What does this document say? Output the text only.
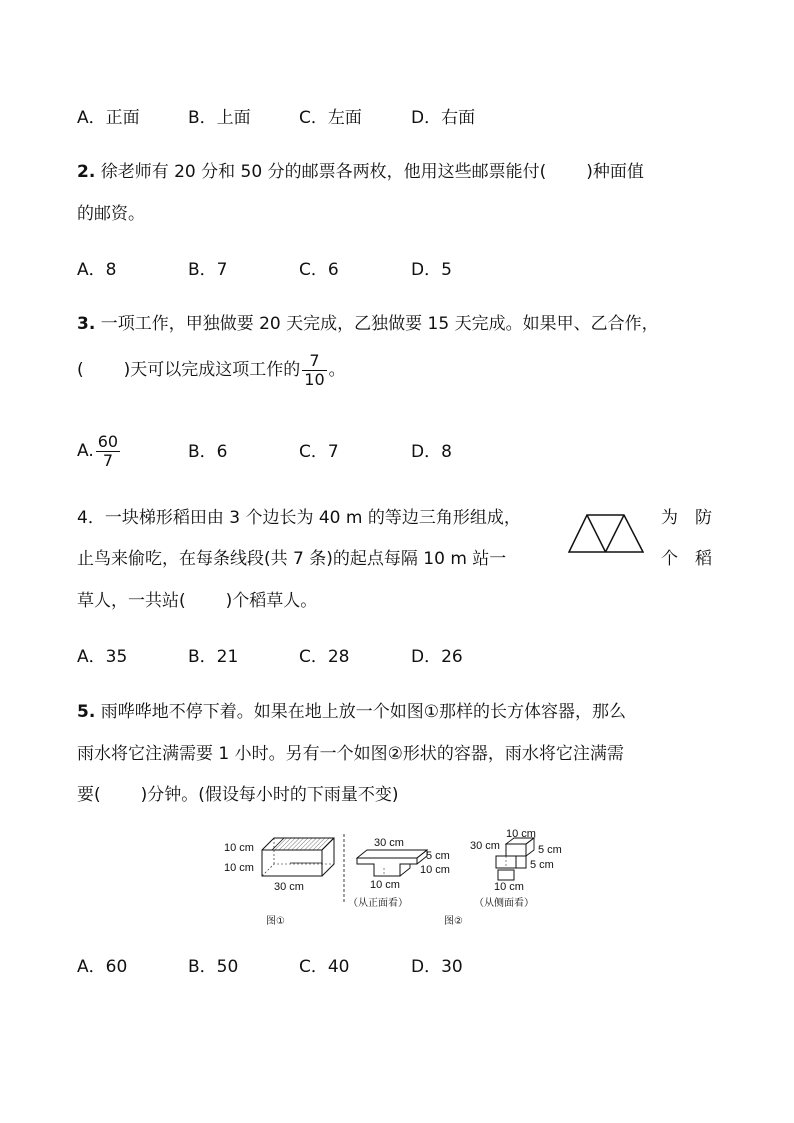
A．正面	B．上面	C．左面	D．右面
2. 徐老师有 20 分和 50 分的邮票各两枚，他用这些邮票能付( )种面值
的邮资。
A．8	B．7	C．6	D．5
3. 一项工作，甲独做要 20 天完成，乙独做要 15 天完成。如果甲、乙合作，
( )天可以完成这项工作的 $\frac{7}{10}$ 。
A. $\frac{60}{7}$	B．6	C．7	D．8
4．一块梯形稻田由 3 个边长为 40 m 的等边三角形组成，	为　防
止鸟来偷吃，在每条线段(共 7 条)的起点每隔 10 m 站一	个　稻
草人，一共站( )个稻草人。
A．35	B．21	C．28	D．26
5. 雨哗哗地不停下着。如果在地上放一个如图①那样的长方体容器，那么
雨水将它注满需要 1 小时。另有一个如图②形状的容器，雨水将它注满需
要( )分钟。(假设每小时的下雨量不变)
10 cm
10 cm
30 cm
图①
30 cm
5 cm
10 cm
10 cm
（从正面看）
10 cm
30 cm	5 cm
5 cm
10 cm
（从侧面看）
图②
A．60	B．50	C．40	D．30
